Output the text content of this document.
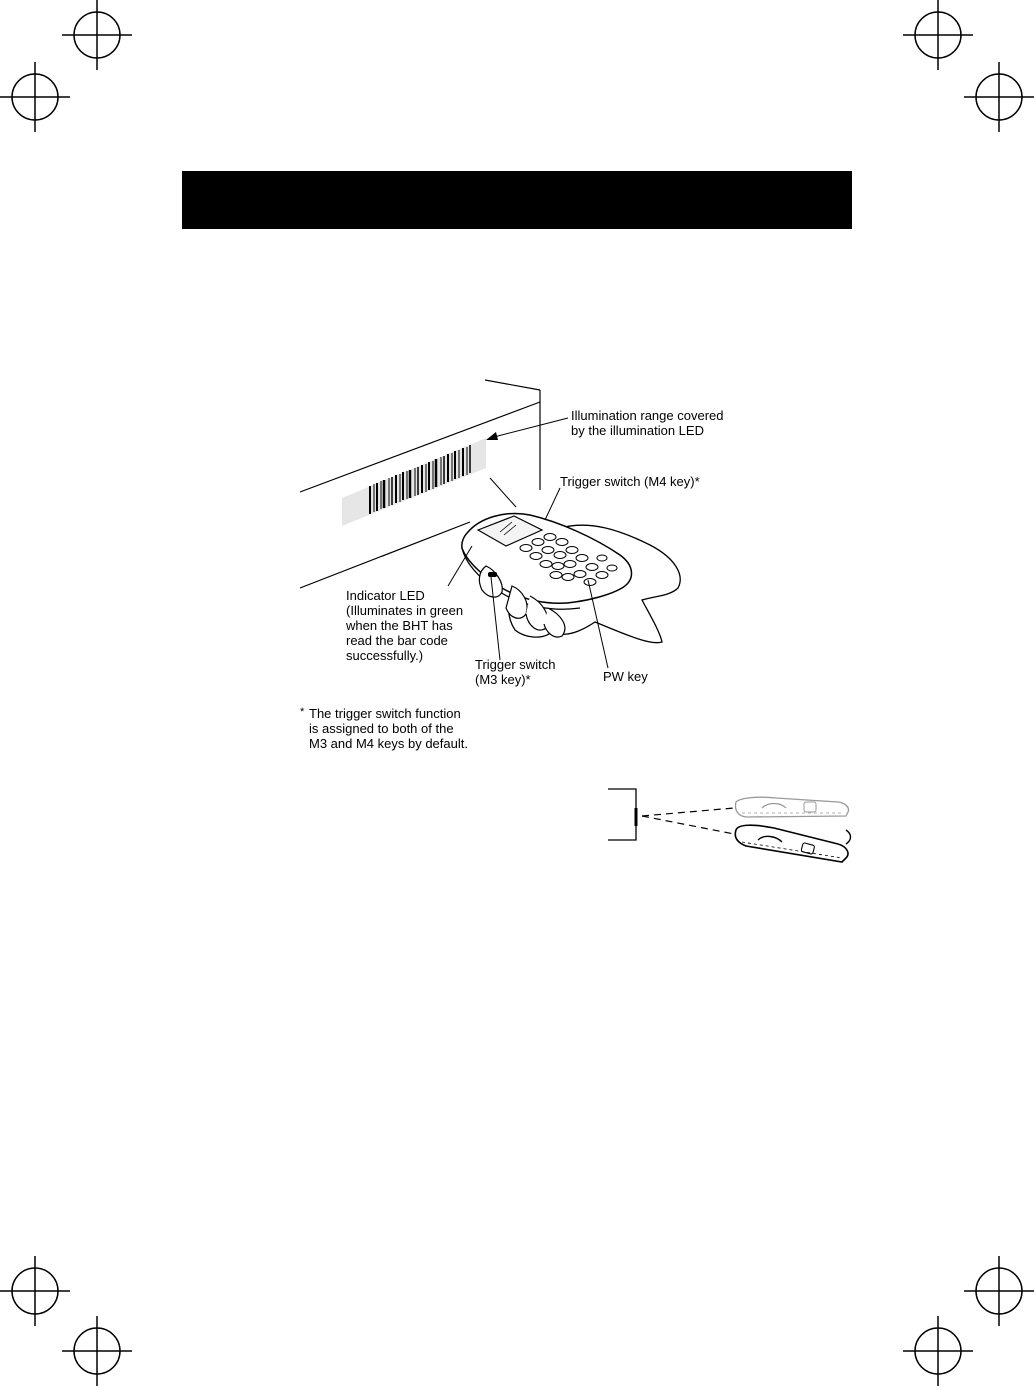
Illumination range covered
by the illumination LED
Trigger switch (M4 key)*
Indicator LED
(Illuminates in green
when the BHT has
read the bar code
successfully.)
Trigger switch
(M3 key)*	PW key
* The trigger switch function
is assigned to both of the
M3 and M4 keys by default.
